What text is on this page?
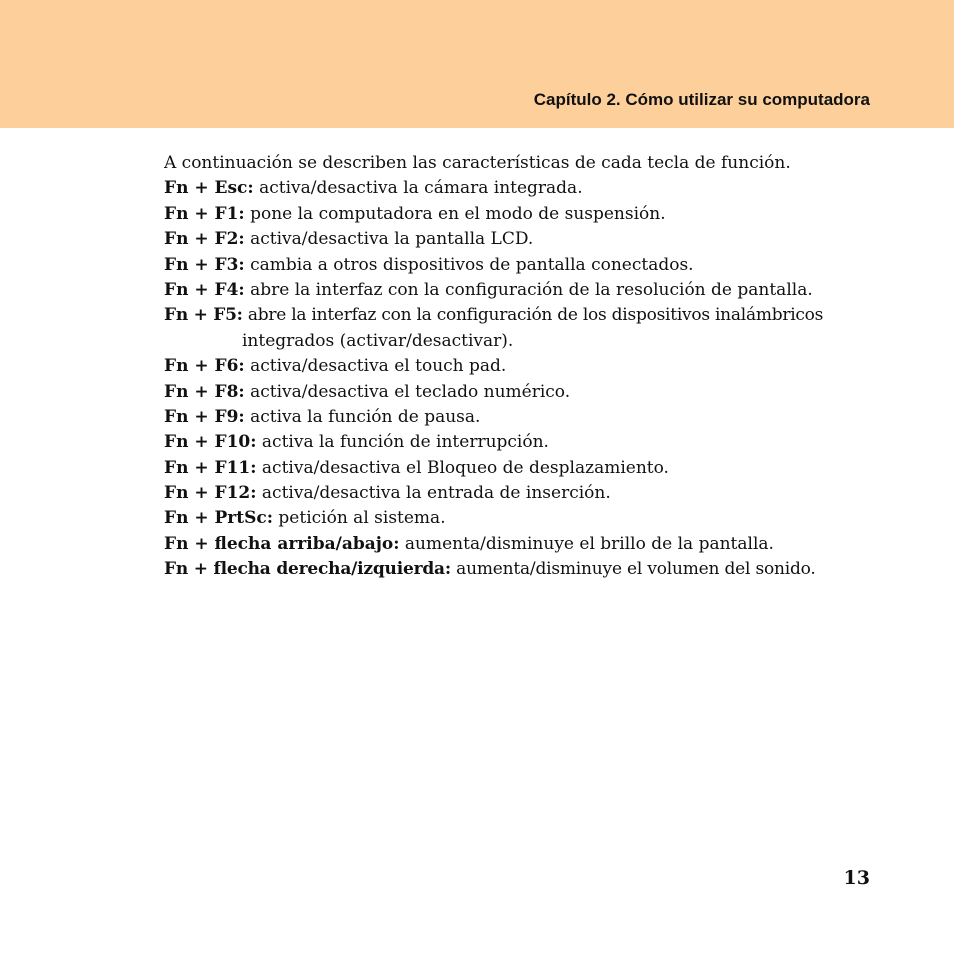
Capítulo 2. Cómo utilizar su computadora
A continuación se describen las características de cada tecla de función.
Fn + Esc: activa/desactiva la cámara integrada.
Fn + F1: pone la computadora en el modo de suspensión.
Fn + F2: activa/desactiva la pantalla LCD.
Fn + F3: cambia a otros dispositivos de pantalla conectados.
Fn + F4: abre la interfaz con la configuración de la resolución de pantalla.
Fn + F5: abre la interfaz con la configuración de los dispositivos inalámbricos
integrados (activar/desactivar).
Fn + F6: activa/desactiva el touch pad.
Fn + F8: activa/desactiva el teclado numérico.
Fn + F9: activa la función de pausa.
Fn + F10: activa la función de interrupción.
Fn + F11: activa/desactiva el Bloqueo de desplazamiento.
Fn + F12: activa/desactiva la entrada de inserción.
Fn + PrtSc: petición al sistema.
Fn + flecha arriba/abajo: aumenta/disminuye el brillo de la pantalla.
Fn + flecha derecha/izquierda: aumenta/disminuye el volumen del sonido.
13
